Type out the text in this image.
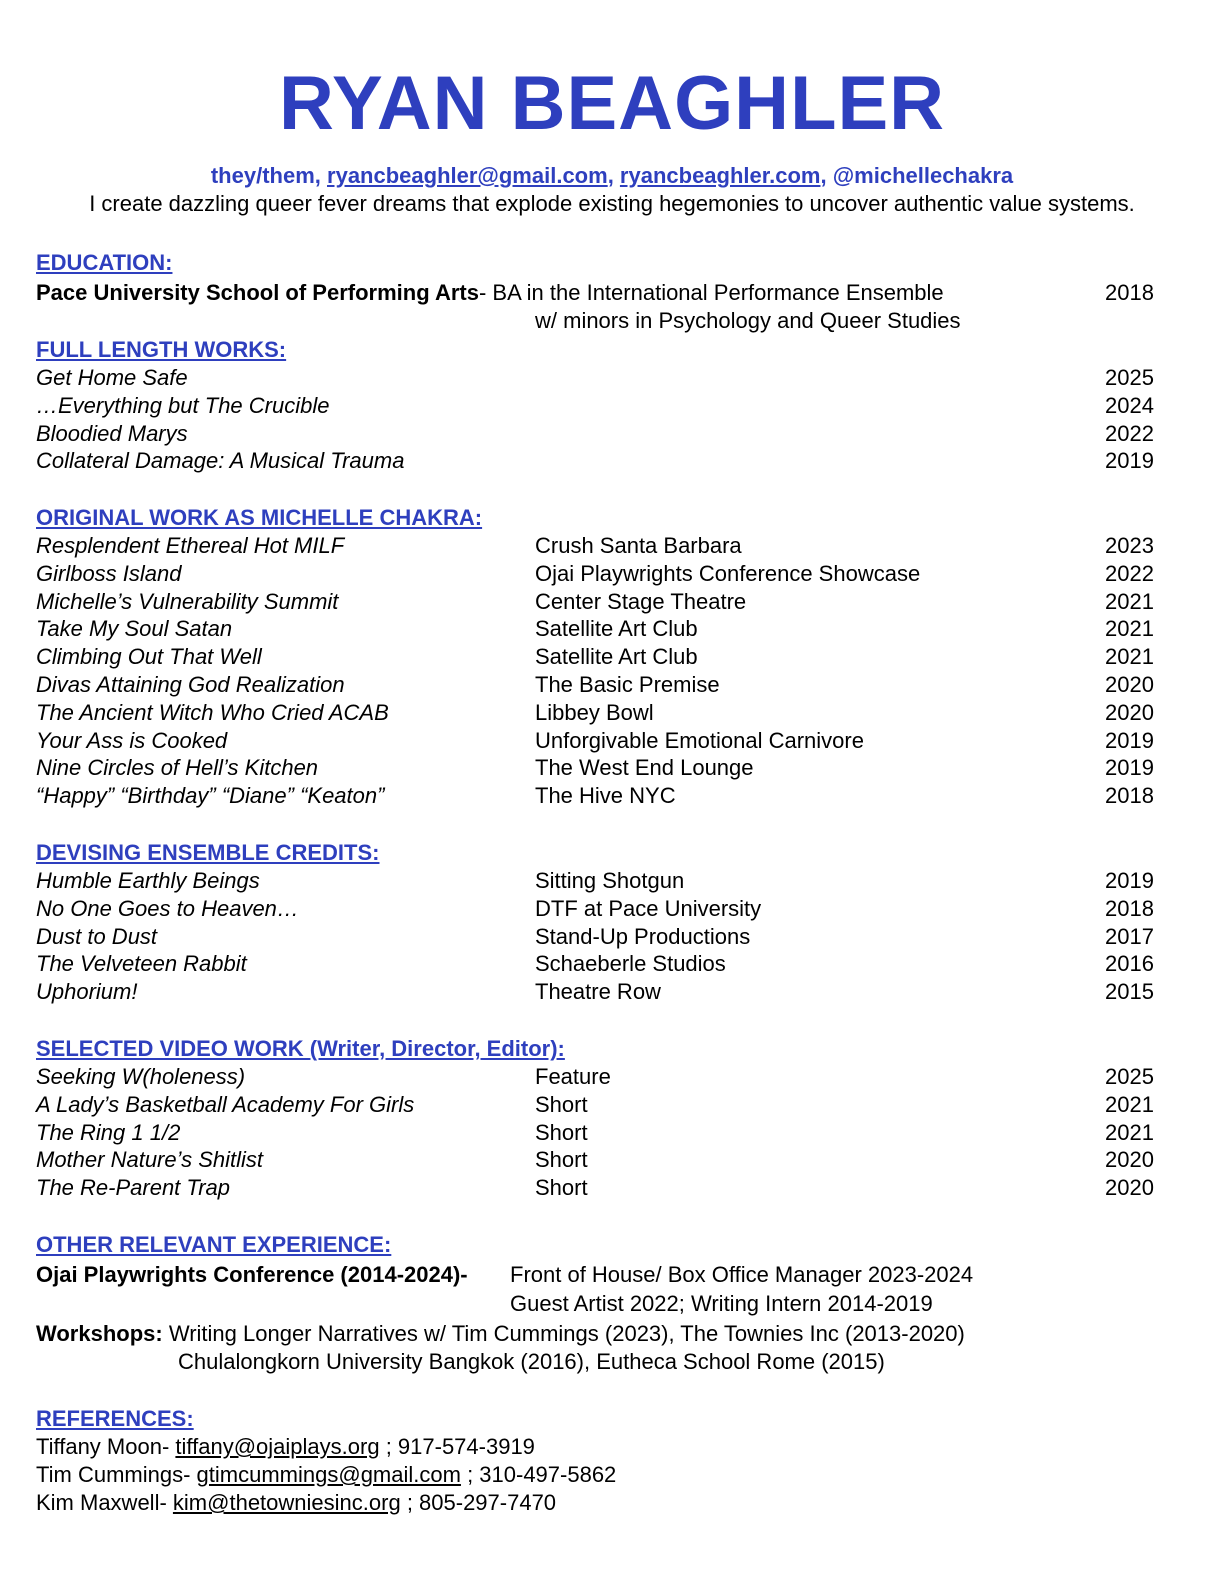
RYAN BEAGHLER
they/them, ryancbeaghler@gmail.com, ryancbeaghler.com, @michellechakra
I create dazzling queer fever dreams that explode existing hegemonies to uncover authentic value systems.
EDUCATION:
Pace University School of Performing Arts- BA in the International Performance Ensemble
w/ minors in Psychology and Queer Studies
2018
FULL LENGTH WORKS:
Get Home Safe	2025
…Everything but The Crucible	2024
Bloodied Marys	2022
Collateral Damage: A Musical Trauma	2019
ORIGINAL WORK AS MICHELLE CHAKRA:
Resplendent Ethereal Hot MILF	Crush Santa Barbara	2023
Girlboss Island	Ojai Playwrights Conference Showcase	2022
Michelle’s Vulnerability Summit	Center Stage Theatre	2021
Take My Soul Satan	Satellite Art Club	2021
Climbing Out That Well	Satellite Art Club	2021
Divas Attaining God Realization	The Basic Premise	2020
The Ancient Witch Who Cried ACAB	Libbey Bowl	2020
Your Ass is Cooked	Unforgivable Emotional Carnivore	2019
Nine Circles of Hell’s Kitchen	The West End Lounge	2019
“Happy” “Birthday” “Diane” “Keaton”	The Hive NYC	2018
DEVISING ENSEMBLE CREDITS:
Humble Earthly Beings	Sitting Shotgun	2019
No One Goes to Heaven…	DTF at Pace University	2018
Dust to Dust	Stand-Up Productions	2017
The Velveteen Rabbit	Schaeberle Studios	2016
Uphorium!	Theatre Row	2015
SELECTED VIDEO WORK (Writer, Director, Editor):
Seeking W(holeness)	Feature	2025
A Lady’s Basketball Academy For Girls	Short	2021
The Ring 1 1/2	Short	2021
Mother Nature’s Shitlist	Short	2020
The Re-Parent Trap	Short	2020
OTHER RELEVANT EXPERIENCE:
Ojai Playwrights Conference (2014-2024)- Front of House/ Box Office Manager 2023-2024
Guest Artist 2022; Writing Intern 2014-2019
Workshops: Writing Longer Narratives w/ Tim Cummings (2023), The Townies Inc (2013-2020)
Chulalongkorn University Bangkok (2016), Eutheca School Rome (2015)
REFERENCES:
Tiffany Moon- tiffany@ojaiplays.org ; 917-574-3919
Tim Cummings- gtimcummings@gmail.com ; 310-497-5862
Kim Maxwell- kim@thetowniesinc.org ; 805-297-7470
